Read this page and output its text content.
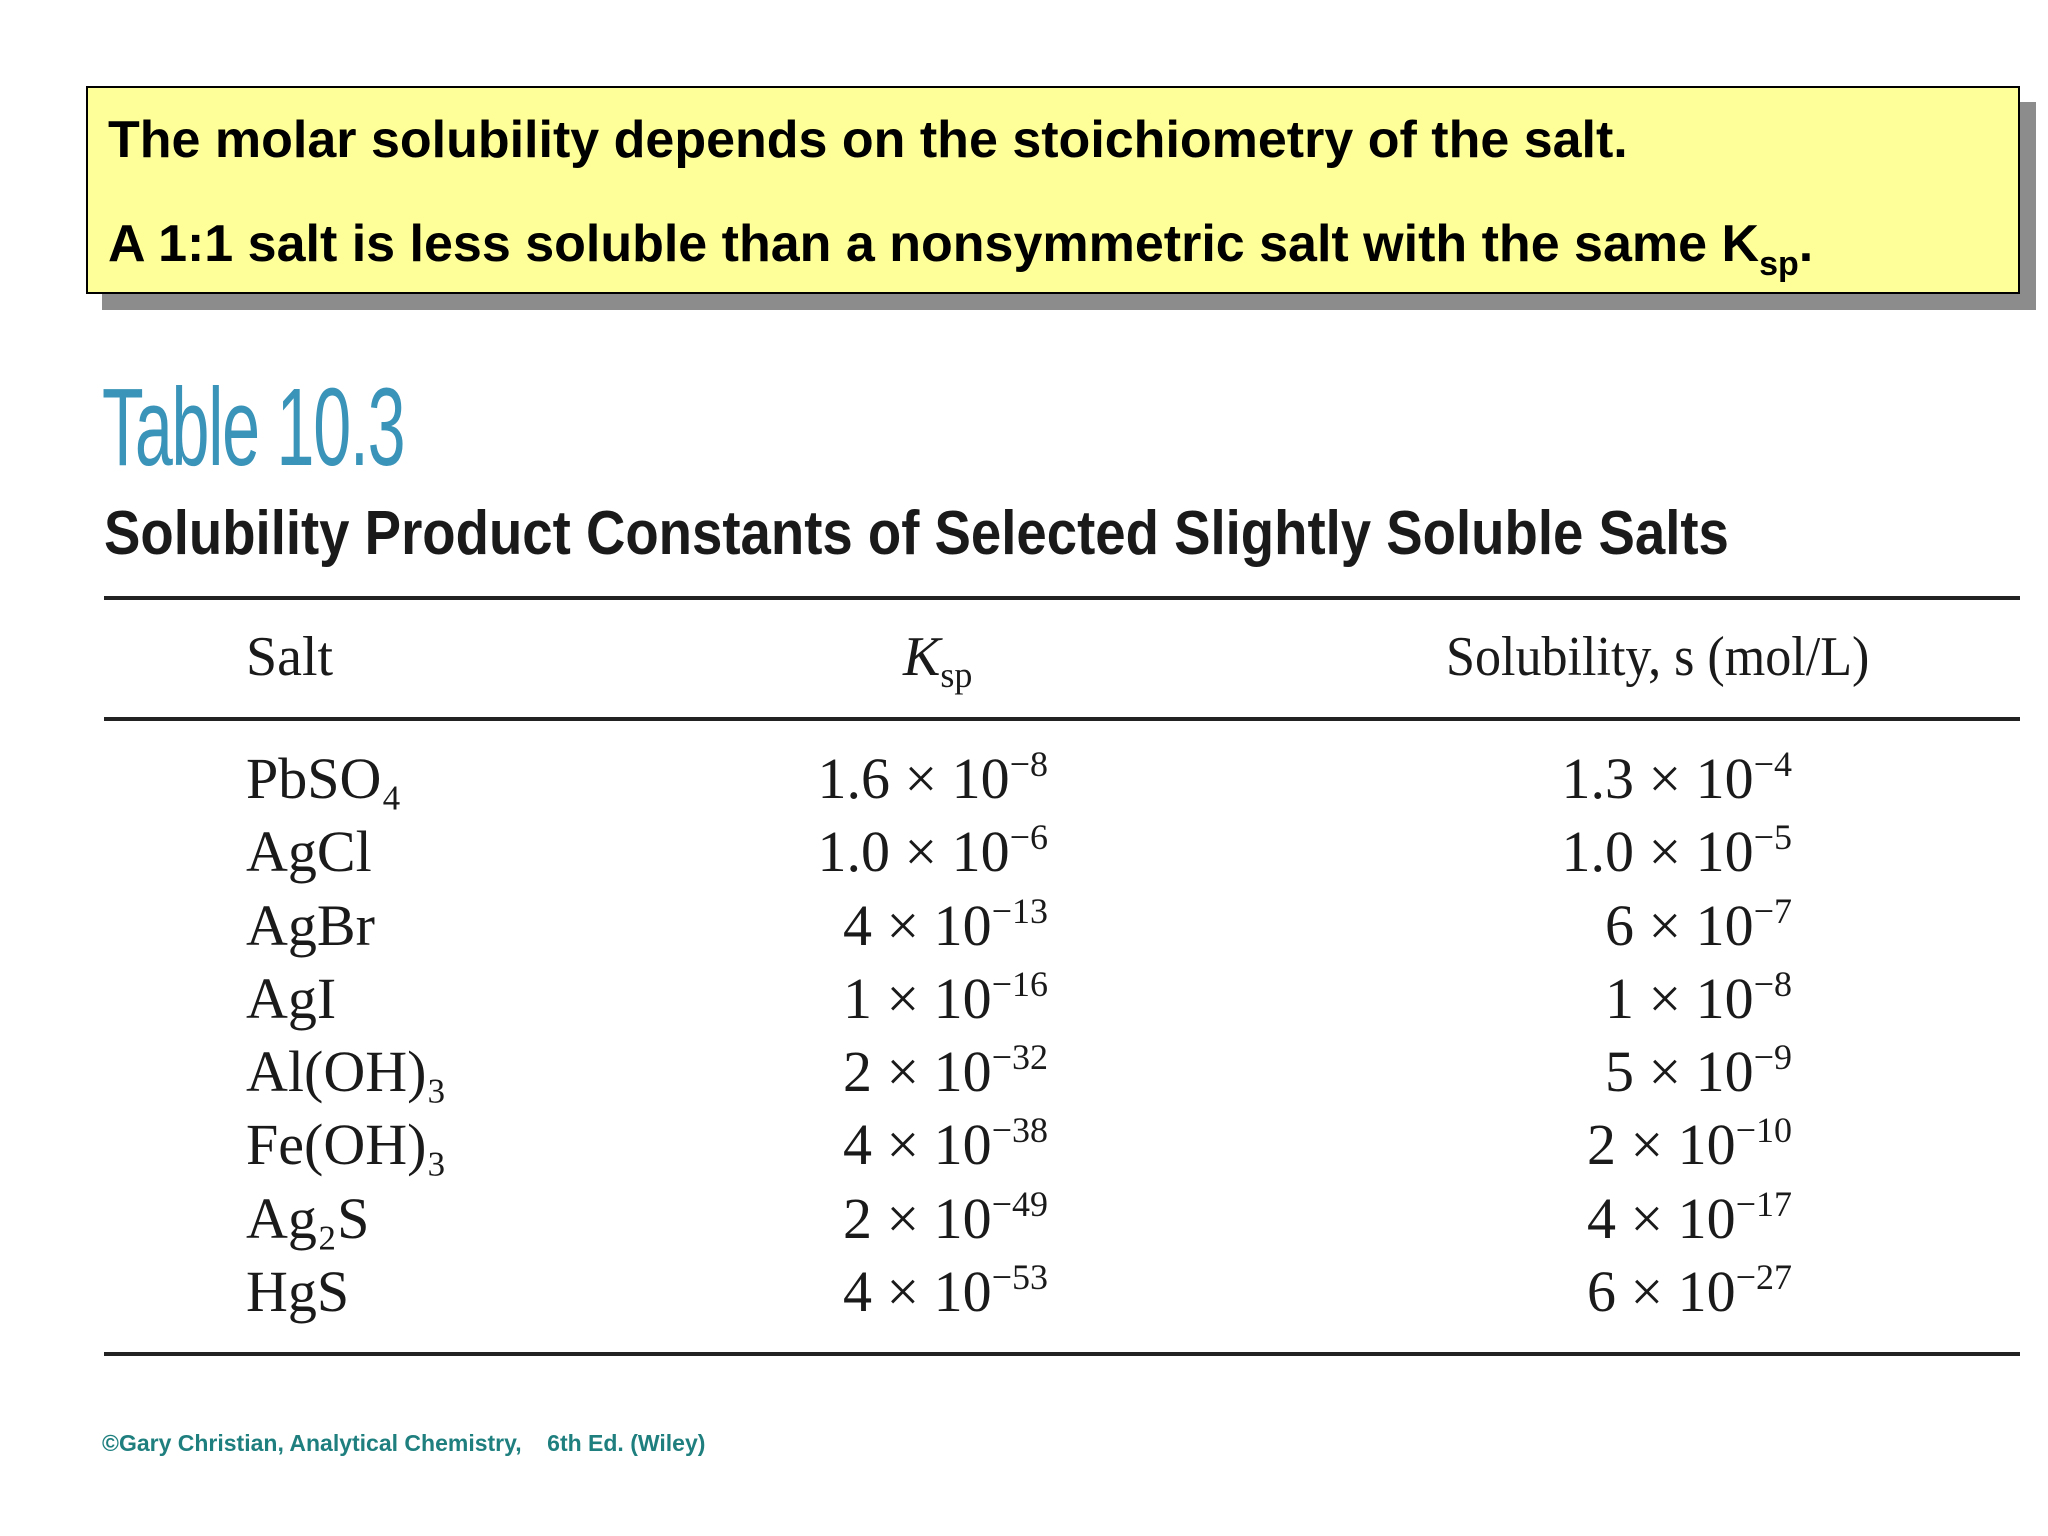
The molar solubility depends on the stoichiometry of the salt.
A 1:1 salt is less soluble than a nonsymmetric salt with the same $K_{sp}$.
Table 10.3
Solubility Product Constants of Selected Slightly Soluble Salts
Salt	$K_{sp}$	Solubility, s (mol/L)
PbSO₄	$1.6 \times 10^{-8}$	$1.3 \times 10^{-4}$
AgCl	$1.0 \times 10^{-6}$	$1.0 \times 10^{-5}$
AgBr	$4 \times 10^{-13}$	$6 \times 10^{-7}$
AgI	$1 \times 10^{-16}$	$1 \times 10^{-8}$
Al(OH)₃	$2 \times 10^{-32}$	$5 \times 10^{-9}$
Fe(OH)₃	$4 \times 10^{-38}$	$2 \times 10^{-10}$
Ag₂S	$2 \times 10^{-49}$	$4 \times 10^{-17}$
HgS	$4 \times 10^{-53}$	$6 \times 10^{-27}$
©Gary Christian, Analytical Chemistry, 6th Ed. (Wiley)
